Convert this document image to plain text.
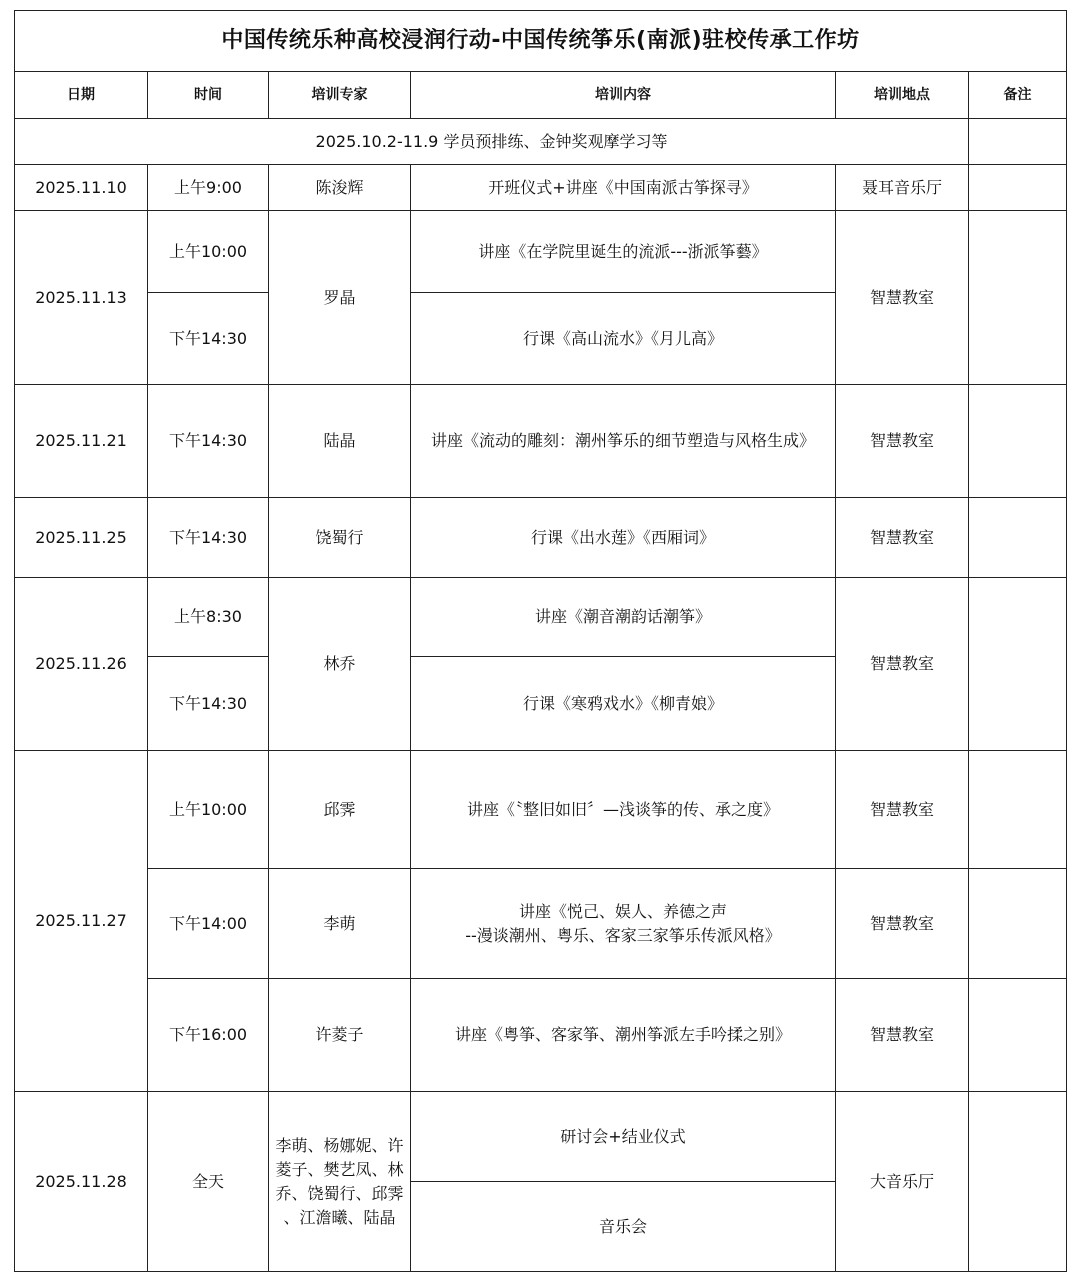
中国传统乐种高校浸润行动-中国传统筝乐(南派)驻校传承工作坊					
日期	时间	培训专家	培训内容	培训地点	备注
2025.10.2-11.9 学员预排练、金钟奖观摩学习等					
2025.11.10	上午9:00	陈浚辉	开班仪式+讲座《中国南派古筝探寻》	聂耳音乐厅	
2025.11.13	上午10:00	罗晶	讲座《在学院里诞生的流派---浙派筝藝》	智慧教室	
	下午14:30		行课《高山流水》《月儿高》		
2025.11.21	下午14:30	陆晶	讲座《流动的雕刻：潮州筝乐的细节塑造与风格生成》	智慧教室	
2025.11.25	下午14:30	饶蜀行	行课《出水莲》《西厢词》	智慧教室	
2025.11.26	上午8:30	林乔	讲座《潮音潮韵话潮筝》	智慧教室	
	下午14:30		行课《寒鸦戏水》《柳青娘》		
2025.11.27	上午10:00	邱霁	讲座《〝整旧如旧〞—浅谈筝的传、承之度》	智慧教室	
	下午14:00	李萌	讲座《悦己、娱人、养德之声
--漫谈潮州、粤乐、客家三家筝乐传派风格》	智慧教室	
	下午16:00	许菱子	讲座《粤筝、客家筝、潮州筝派左手吟揉之别》	智慧教室	
2025.11.28	全天	李萌、杨娜妮、许
菱子、樊艺凤、林
乔、饶蜀行、邱霁
、江澹曦、陆晶	研讨会+结业仪式	大音乐厅	
			音乐会		
